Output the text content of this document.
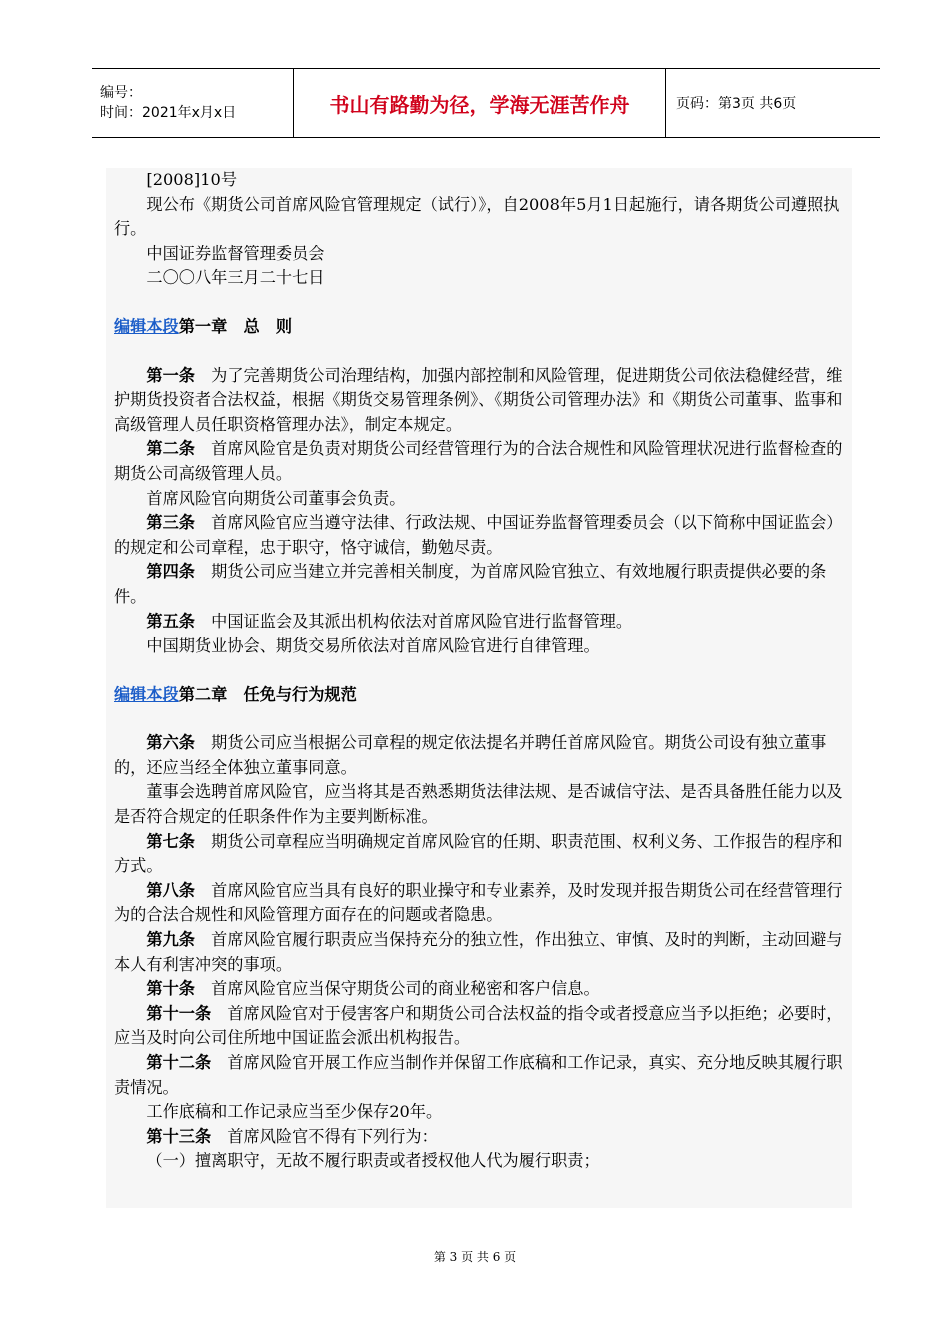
编号：
时间：2021年x月x日	书山有路勤为径，学海无涯苦作舟	页码：第3页 共6页

[2008]10号

现公布《期货公司首席风险官管理规定（试行）》，自2008年5月1日起施行，请各期货公司遵照执行。

中国证券监督管理委员会

二〇〇八年三月二十七日

编辑本段第一章　总　则

第一条　为了完善期货公司治理结构，加强内部控制和风险管理，促进期货公司依法稳健经营，维护期货投资者合法权益，根据《期货交易管理条例》、《期货公司管理办法》和《期货公司董事、监事和高级管理人员任职资格管理办法》，制定本规定。

第二条　首席风险官是负责对期货公司经营管理行为的合法合规性和风险管理状况进行监督检查的期货公司高级管理人员。

首席风险官向期货公司董事会负责。

第三条　首席风险官应当遵守法律、行政法规、中国证券监督管理委员会（以下简称中国证监会）的规定和公司章程，忠于职守，恪守诚信，勤勉尽责。

第四条　期货公司应当建立并完善相关制度，为首席风险官独立、有效地履行职责提供必要的条件。

第五条　中国证监会及其派出机构依法对首席风险官进行监督管理。

中国期货业协会、期货交易所依法对首席风险官进行自律管理。

编辑本段第二章　任免与行为规范

第六条　期货公司应当根据公司章程的规定依法提名并聘任首席风险官。期货公司设有独立董事的，还应当经全体独立董事同意。

董事会选聘首席风险官，应当将其是否熟悉期货法律法规、是否诚信守法、是否具备胜任能力以及是否符合规定的任职条件作为主要判断标准。

第七条　期货公司章程应当明确规定首席风险官的任期、职责范围、权利义务、工作报告的程序和方式。

第八条　首席风险官应当具有良好的职业操守和专业素养，及时发现并报告期货公司在经营管理行为的合法合规性和风险管理方面存在的问题或者隐患。

第九条　首席风险官履行职责应当保持充分的独立性，作出独立、审慎、及时的判断，主动回避与本人有利害冲突的事项。

第十条　首席风险官应当保守期货公司的商业秘密和客户信息。

第十一条　首席风险官对于侵害客户和期货公司合法权益的指令或者授意应当予以拒绝；必要时，应当及时向公司住所地中国证监会派出机构报告。

第十二条　首席风险官开展工作应当制作并保留工作底稿和工作记录，真实、充分地反映其履行职责情况。

工作底稿和工作记录应当至少保存20年。

第十三条　首席风险官不得有下列行为：

（一）擅离职守，无故不履行职责或者授权他人代为履行职责；

第 3 页 共 6 页
